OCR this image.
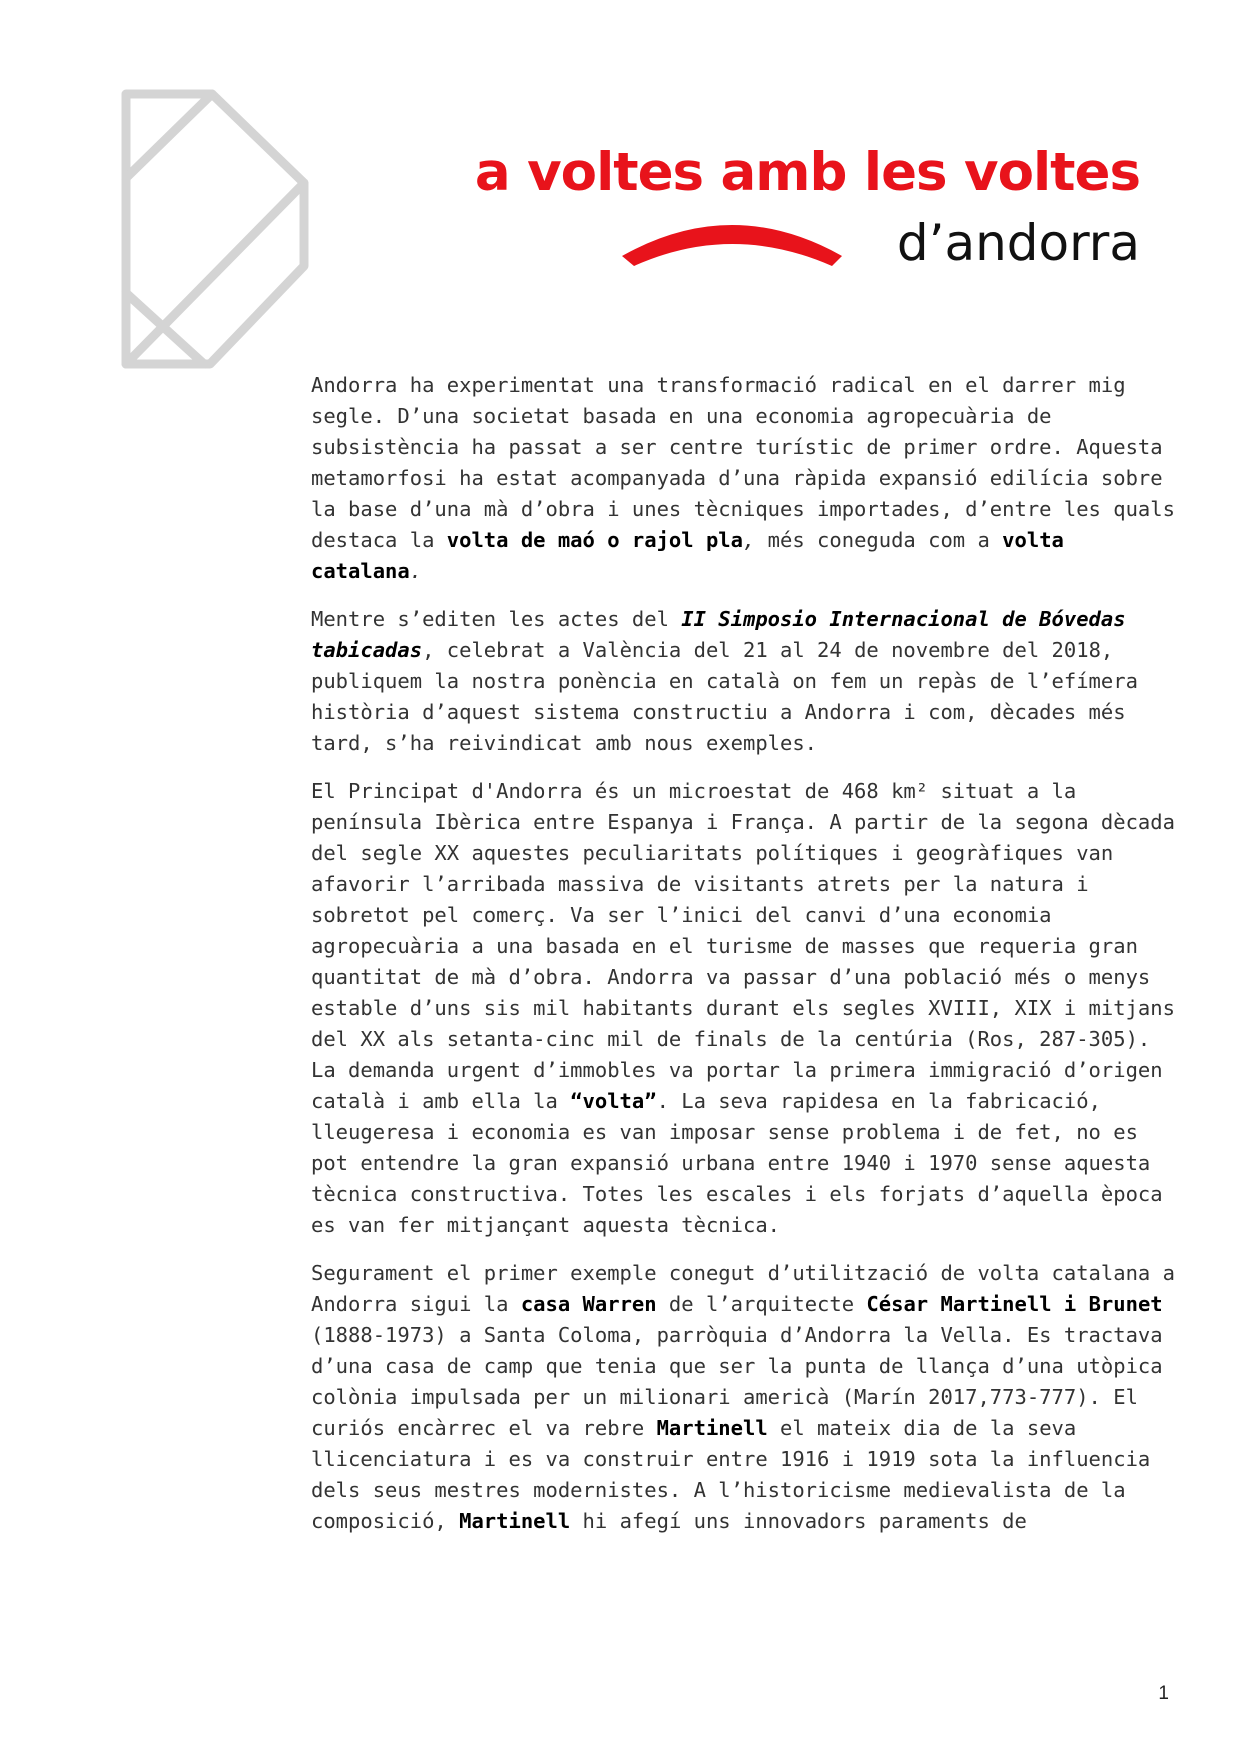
a voltes amb les voltes
d’andorra

Andorra ha experimentat una transformació radical en el darrer mig segle. D’una societat basada en una economia agropecuària de subsistència ha passat a ser centre turístic de primer ordre. Aquesta metamorfosi ha estat acompanyada d’una ràpida expansió edilícia sobre la base d’una mà d’obra i unes tècniques importades, d’entre les quals destaca la volta de maó o rajol pla, més coneguda com a volta catalana.

Mentre s’editen les actes del II Simposio Internacional de Bóvedas tabicadas, celebrat a València del 21 al 24 de novembre del 2018, publiquem la nostra ponència en català on fem un repàs de l’efímera història d’aquest sistema constructiu a Andorra i com, dècades més tard, s’ha reivindicat amb nous exemples.

El Principat d'Andorra és un microestat de 468 km² situat a la península Ibèrica entre Espanya i França. A partir de la segona dècada del segle XX aquestes peculiaritats polítiques i geogràfiques van afavorir l’arribada massiva de visitants atrets per la natura i sobretot pel comerç. Va ser l’inici del canvi d’una economia agropecuària a una basada en el turisme de masses que requeria gran quantitat de mà d’obra. Andorra va passar d’una població més o menys estable d’uns sis mil habitants durant els segles XVIII, XIX i mitjans del XX als setanta-cinc mil de finals de la centúria (Ros, 287-305). La demanda urgent d’immobles va portar la primera immigració d’origen català i amb ella la “volta”. La seva rapidesa en la fabricació, lleugeresa i economia es van imposar sense problema i de fet, no es pot entendre la gran expansió urbana entre 1940 i 1970 sense aquesta tècnica constructiva. Totes les escales i els forjats d’aquella època es van fer mitjançant aquesta tècnica.

Segurament el primer exemple conegut d’utilització de volta catalana a Andorra sigui la casa Warren de l’arquitecte César Martinell i Brunet (1888-1973) a Santa Coloma, parròquia d’Andorra la Vella. Es tractava d’una casa de camp que tenia que ser la punta de llança d’una utòpica colònia impulsada per un milionari americà (Marín 2017,773-777). El curiós encàrrec el va rebre Martinell el mateix dia de la seva llicenciatura i es va construir entre 1916 i 1919 sota la influencia dels seus mestres modernistes. A l’historicisme medievalista de la composició, Martinell hi afegí uns innovadors paraments de

1
